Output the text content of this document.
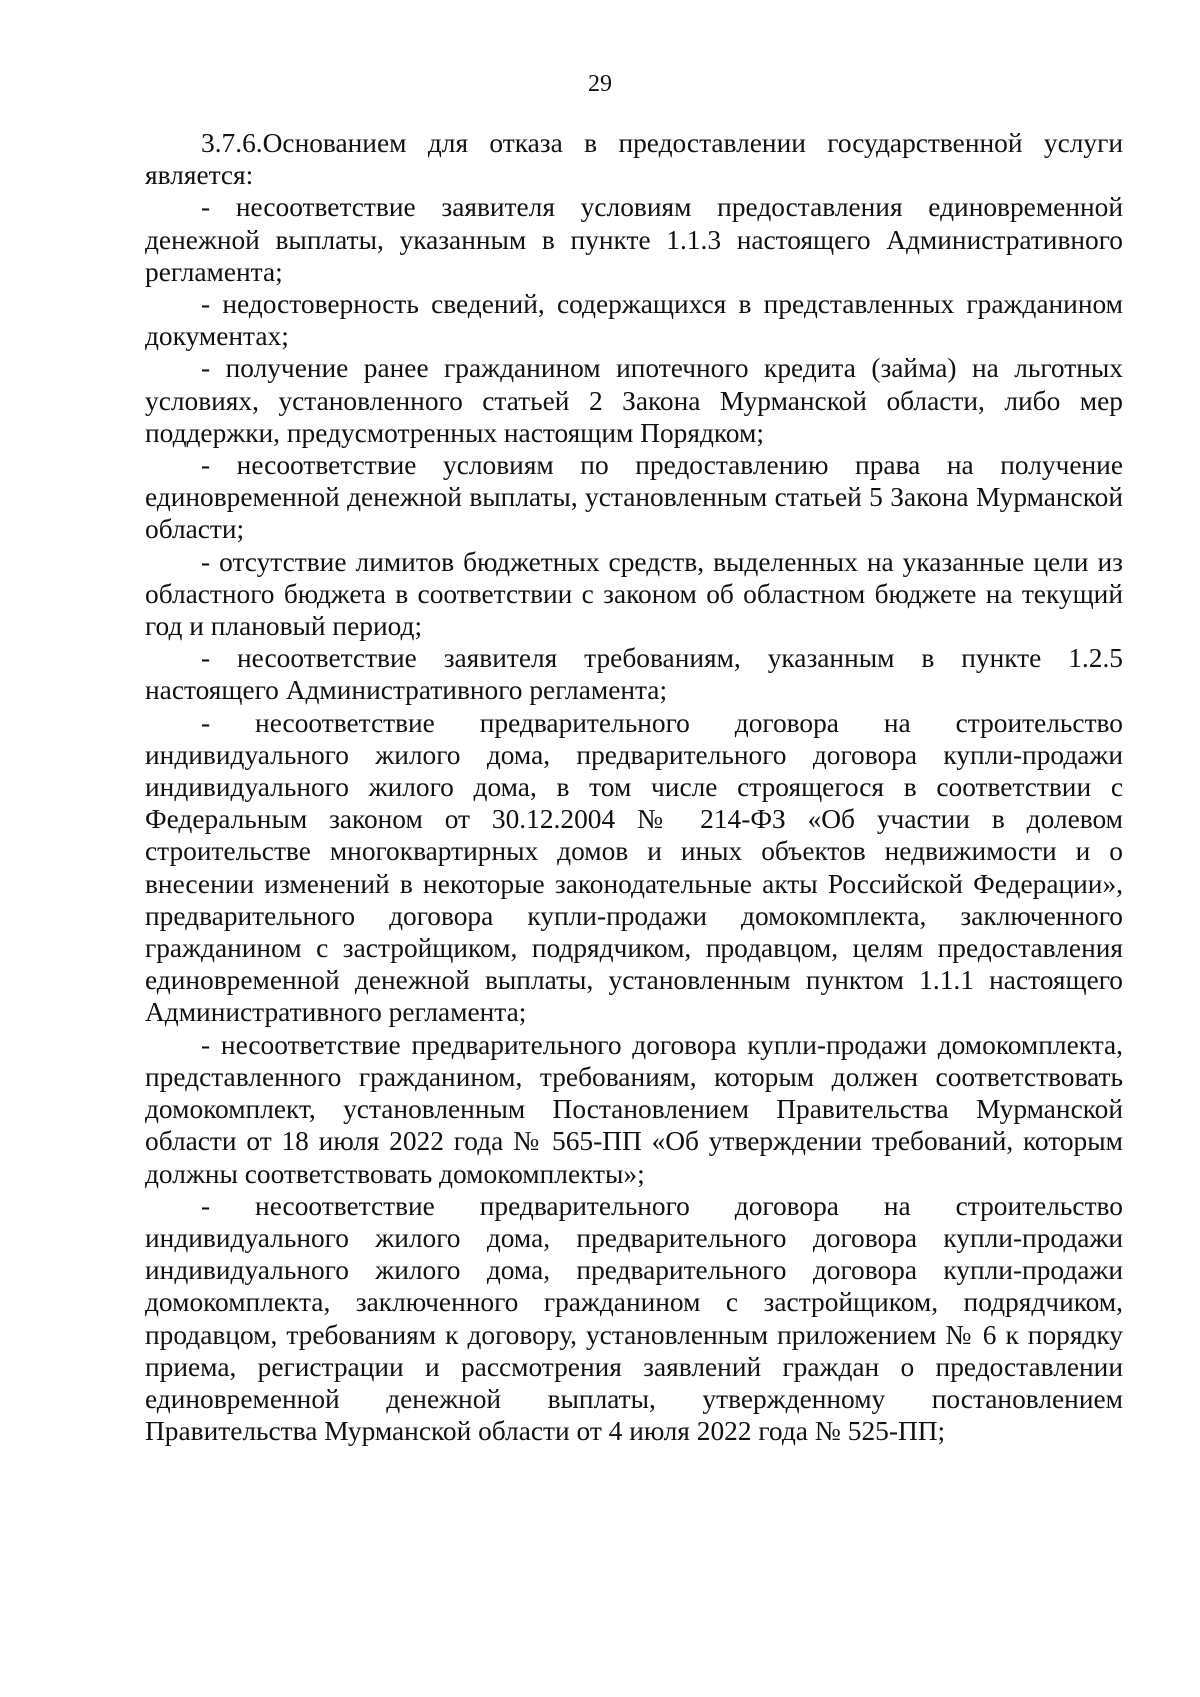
29

3.7.6.Основанием для отказа в предоставлении государственной услуги является:

- несоответствие заявителя условиям предоставления единовременной денежной выплаты, указанным в пункте 1.1.3 настоящего Административного регламента;

- недостоверность сведений, содержащихся в представленных гражданином документах;

- получение ранее гражданином ипотечного кредита (займа) на льготных условиях, установленного статьей 2 Закона Мурманской области, либо мер поддержки, предусмотренных настоящим Порядком;

- несоответствие условиям по предоставлению права на получение единовременной денежной выплаты, установленным статьей 5 Закона Мурманской области;

- отсутствие лимитов бюджетных средств, выделенных на указанные цели из областного бюджета в соответствии с законом об областном бюджете на текущий год и плановый период;

- несоответствие заявителя требованиям, указанным в пункте 1.2.5 настоящего Административного регламента;

- несоответствие предварительного договора на строительство индивидуального жилого дома, предварительного договора купли-продажи индивидуального жилого дома, в том числе строящегося в соответствии с Федеральным законом от 30.12.2004 № 214-ФЗ «Об участии в долевом строительстве многоквартирных домов и иных объектов недвижимости и о внесении изменений в некоторые законодательные акты Российской Федерации», предварительного договора купли-продажи домокомплекта, заключенного гражданином с застройщиком, подрядчиком, продавцом, целям предоставления единовременной денежной выплаты, установленным пунктом 1.1.1 настоящего Административного регламента;

- несоответствие предварительного договора купли-продажи домокомплекта, представленного гражданином, требованиям, которым должен соответствовать домокомплект, установленным Постановлением Правительства Мурманской области от 18 июля 2022 года № 565-ПП «Об утверждении требований, которым должны соответствовать домокомплекты»;

- несоответствие предварительного договора на строительство индивидуального жилого дома, предварительного договора купли-продажи индивидуального жилого дома, предварительного договора купли-продажи домокомплекта, заключенного гражданином с застройщиком, подрядчиком, продавцом, требованиям к договору, установленным приложением № 6 к порядку приема, регистрации и рассмотрения заявлений граждан о предоставлении единовременной денежной выплаты, утвержденному постановлением Правительства Мурманской области от 4 июля 2022 года № 525-ПП;
